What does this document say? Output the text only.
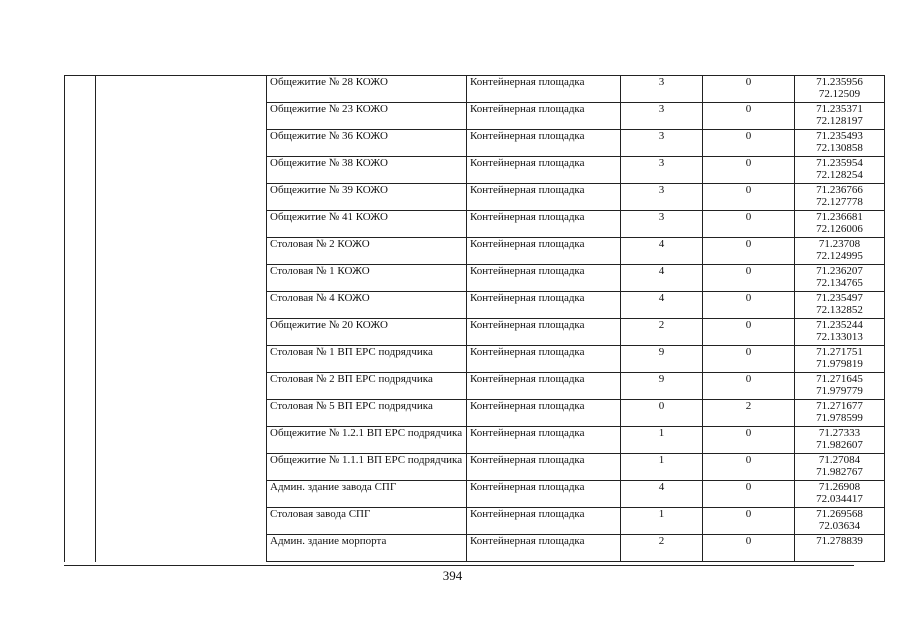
		Общежитие № 28 КОЖО	Контейнерная площадка	3	0	71.235956
72.12509

		Общежитие № 23 КОЖО	Контейнерная площадка	3	0	71.235371
72.128197

		Общежитие № 36 КОЖО	Контейнерная площадка	3	0	71.235493
72.130858

		Общежитие № 38 КОЖО	Контейнерная площадка	3	0	71.235954
72.128254

		Общежитие № 39 КОЖО	Контейнерная площадка	3	0	71.236766
72.127778

		Общежитие № 41 КОЖО	Контейнерная площадка	3	0	71.236681
72.126006

		Столовая № 2 КОЖО	Контейнерная площадка	4	0	71.23708
72.124995

		Столовая № 1 КОЖО	Контейнерная площадка	4	0	71.236207
72.134765

		Столовая № 4 КОЖО	Контейнерная площадка	4	0	71.235497
72.132852

		Общежитие № 20 КОЖО	Контейнерная площадка	2	0	71.235244
72.133013

		Столовая № 1 ВП ЕРС подрядчика	Контейнерная площадка	9	0	71.271751
71.979819

		Столовая № 2 ВП ЕРС подрядчика	Контейнерная площадка	9	0	71.271645
71.979779

		Столовая № 5 ВП ЕРС подрядчика	Контейнерная площадка	0	2	71.271677
71.978599

		Общежитие № 1.2.1 ВП ЕРС подрядчика	Контейнерная площадка	1	0	71.27333
71.982607

		Общежитие № 1.1.1 ВП ЕРС подрядчика	Контейнерная площадка	1	0	71.27084
71.982767

		Админ. здание завода СПГ	Контейнерная площадка	4	0	71.26908
72.034417

		Столовая завода СПГ	Контейнерная площадка	1	0	71.269568
72.03634

		Админ. здание морпорта	Контейнерная площадка	2	0	71.278839
394
